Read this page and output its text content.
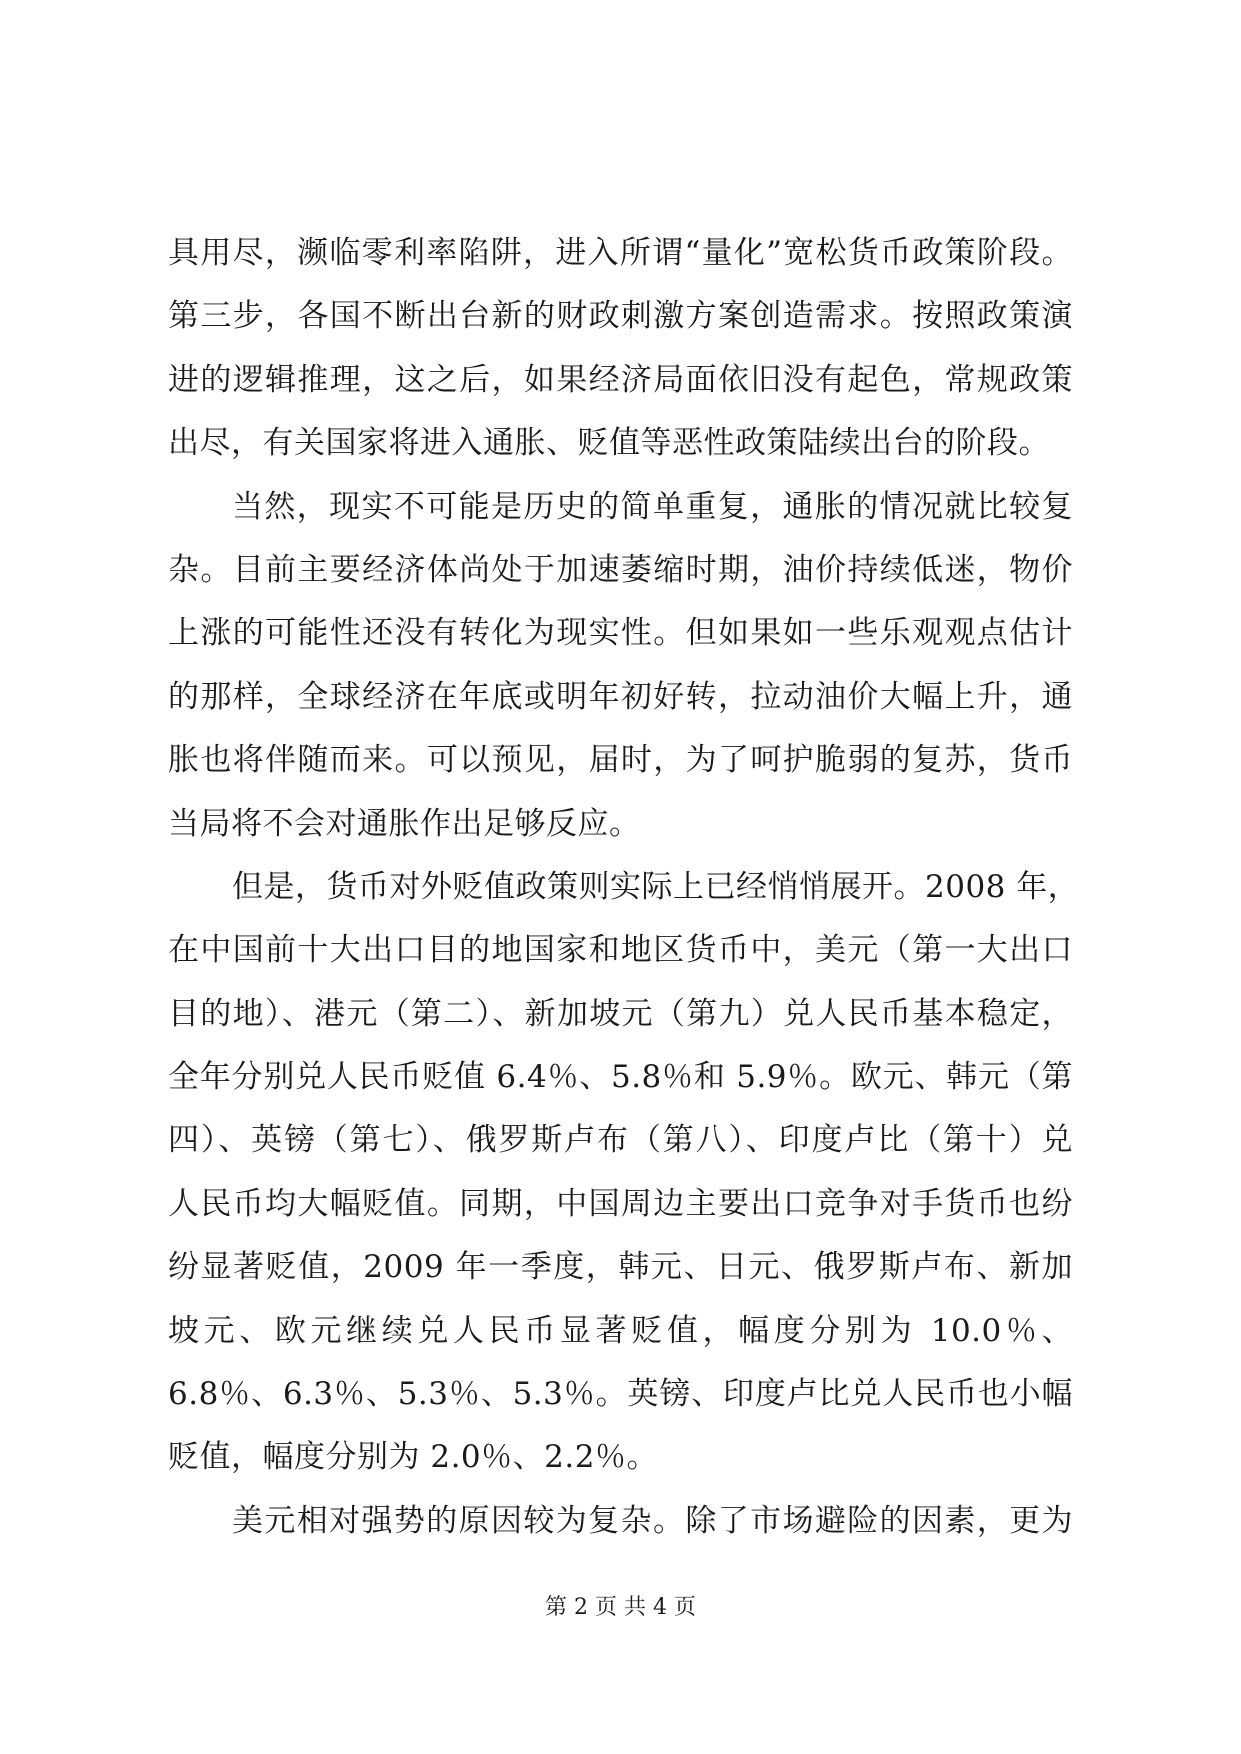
具用尽，濒临零利率陷阱，进入所谓“量化”宽松货币政策阶段。
第三步，各国不断出台新的财政刺激方案创造需求。按照政策演
进的逻辑推理，这之后，如果经济局面依旧没有起色，常规政策
出尽，有关国家将进入通胀、贬值等恶性政策陆续出台的阶段。
当然，现实不可能是历史的简单重复，通胀的情况就比较复
杂。目前主要经济体尚处于加速萎缩时期，油价持续低迷，物价
上涨的可能性还没有转化为现实性。但如果如一些乐观观点估计
的那样，全球经济在年底或明年初好转，拉动油价大幅上升，通
胀也将伴随而来。可以预见，届时，为了呵护脆弱的复苏，货币
当局将不会对通胀作出足够反应。
但是，货币对外贬值政策则实际上已经悄悄展开。2008 年，
在中国前十大出口目的地国家和地区货币中，美元（第一大出口
目的地）、港元（第二）、新加坡元（第九）兑人民币基本稳定，
全年分别兑人民币贬值 6.4％、5.8％和 5.9％。欧元、韩元（第
四）、英镑（第七）、俄罗斯卢布（第八）、印度卢比（第十）兑
人民币均大幅贬值。同期，中国周边主要出口竞争对手货币也纷
纷显著贬值，2009 年一季度，韩元、日元、俄罗斯卢布、新加
坡元、欧元继续兑人民币显著贬值，幅度分别为 10.0％、
6.8％、6.3％、5.3％、5.3％。英镑、印度卢比兑人民币也小幅
贬值，幅度分别为 2.0％、2.2％。
美元相对强势的原因较为复杂。除了市场避险的因素，更为
第 2 页 共 4 页
